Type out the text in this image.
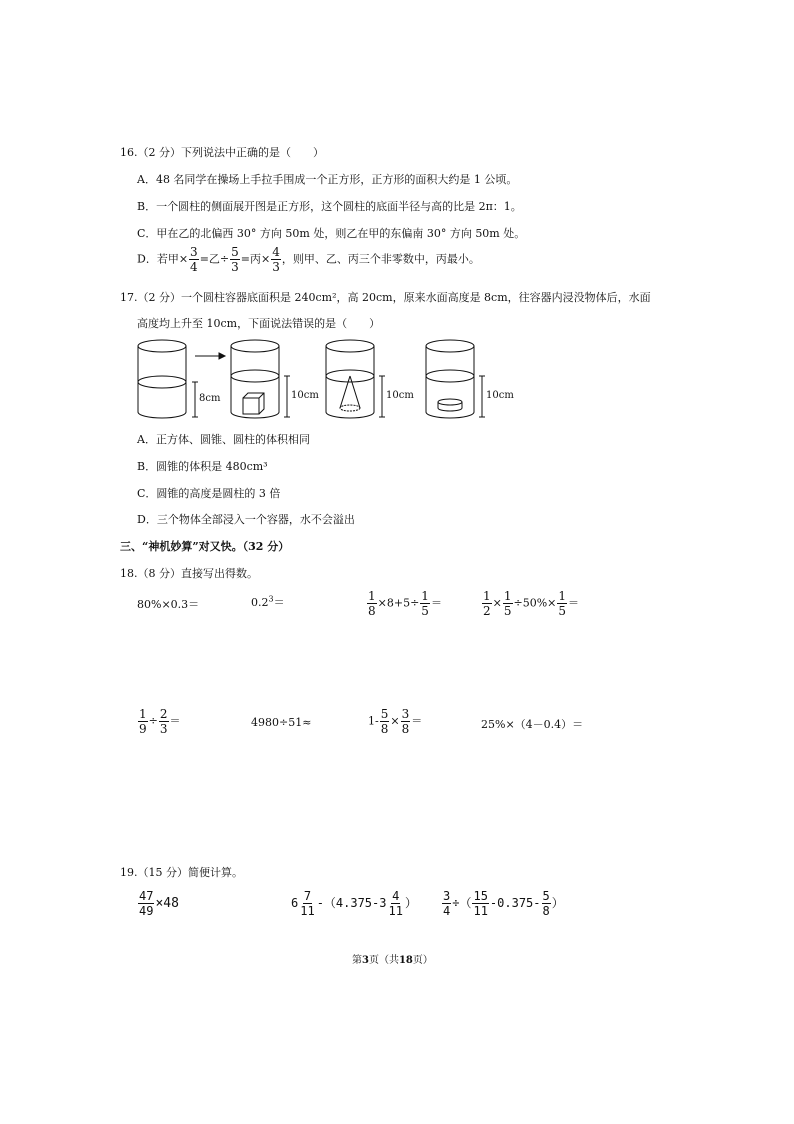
16.（2 分）下列说法中正确的是（　　）
A．48 名同学在操场上手拉手围成一个正方形，正方形的面积大约是 1 公顷。
B．一个圆柱的侧面展开图是正方形，这个圆柱的底面半径与高的比是 2π：1。
C．甲在乙的北偏西 30° 方向 50m 处，则乙在甲的东偏南 30° 方向 50m 处。
D．若甲× $\frac{3}{4}$ =乙÷ $\frac{5}{3}$ =丙× $\frac{4}{3}$ ，则甲、乙、丙三个非零数中，丙最小。
17.（2 分）一个圆柱容器底面积是 240cm²，高 20cm，原来水面高度是 8cm，往容器内浸没物体后，水面
高度均上升至 10cm，下面说法错误的是（　　）
8cm	10cm	10cm	10cm
A．正方体、圆锥、圆柱的体积相同
B．圆锥的体积是 480cm³
C．圆锥的高度是圆柱的 3 倍
D．三个物体全部浸入一个容器，水不会溢出
三、“神机妙算”对又快。（32 分）
18.（8 分）直接写出得数。
80%×0.3＝	$0.2^3=$	$\frac{1}{8} \times 8+5\div \frac{1}{5}$ ＝	$\frac{1}{2} \times \frac{1}{5} \div 50\%\times \frac{1}{5}$ ＝
$\frac{1}{9} \div \frac{2}{3}$ ＝	4980÷51≈	$1- \frac{5}{8} \times \frac{3}{8}$ ＝	25%×（4－0.4）＝
19.（15 分）简便计算。
$\frac{47}{49} \times 48$	$6 \frac{7}{11} -(4.375-3 \frac{4}{11}$ ） $\frac{3}{4}$ ÷（ $\frac{15}{11} -0.375- \frac{5}{8}$ ）
第3页（共18页）
